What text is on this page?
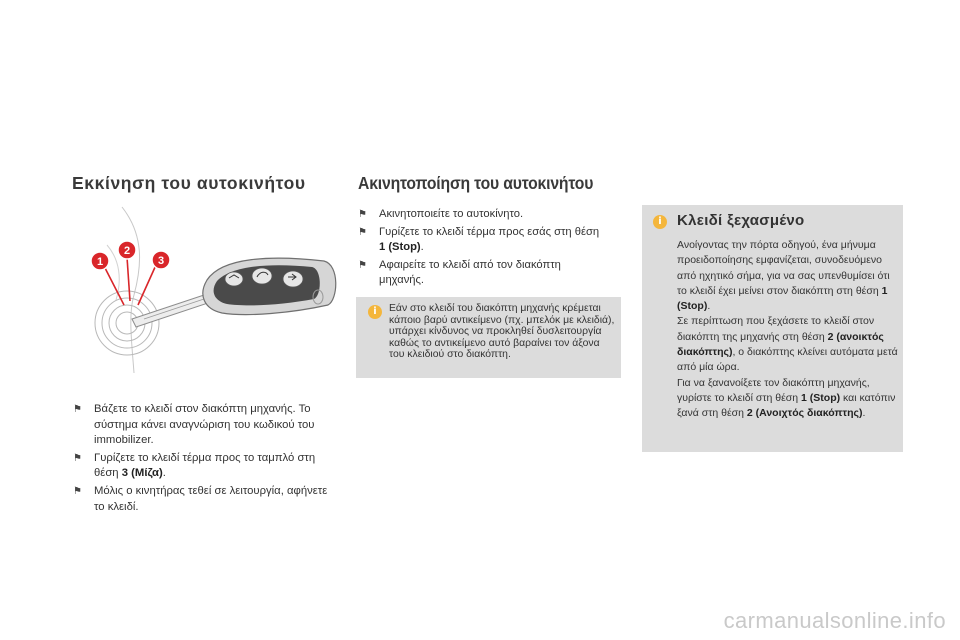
Εκκίνηση του αυτοκινήτου
1
2
3
⚑ Βάζετε το κλειδί στον διακόπτη μηχανής. Το σύστημα κάνει αναγνώριση του κωδικού του immobilizer.
⚑ Γυρίζετε το κλειδί τέρμα προς το ταμπλό στη θέση 3 (Μίζα).
⚑ Μόλις ο κινητήρας τεθεί σε λειτουργία, αφήνετε το κλειδί.
Ακινητοποίηση του αυτοκινήτου
⚑ Ακινητοποιείτε το αυτοκίνητο.
⚑ Γυρίζετε το κλειδί τέρμα προς εσάς στη θέση 1 (Stop).
⚑ Αφαιρείτε το κλειδί από τον διακόπτη μηχανής.
i	Εάν στο κλειδί του διακόπτη μηχανής κρέμεται κάποιο βαρύ αντικείμενο (πχ. μπελόκ με κλειδιά), υπάρχει κίνδυνος να προκληθεί δυσλειτουργία καθώς το αντικείμενο αυτό βαραίνει τον άξονα του κλειδιού στο διακόπτη.
i	Κλειδί ξεχασμένο
Ανοίγοντας την πόρτα οδηγού, ένα μήνυμα προειδοποίησης εμφανίζεται, συνοδευόμενο από ηχητικό σήμα, για να σας υπενθυμίσει ότι το κλειδί έχει μείνει στον διακόπτη στη θέση 1 (Stop).
Σε περίπτωση που ξεχάσετε το κλειδί στον διακόπτη της μηχανής στη θέση 2 (ανοικτός διακόπτης), ο διακόπτης κλείνει αυτόματα μετά από μία ώρα.
Για να ξανανοίξετε τον διακόπτη μηχανής, γυρίστε το κλειδί στη θέση 1 (Stop) και κατόπιν ξανά στη θέση 2 (Ανοιχτός διακόπτης).
carmanualsonline.info
